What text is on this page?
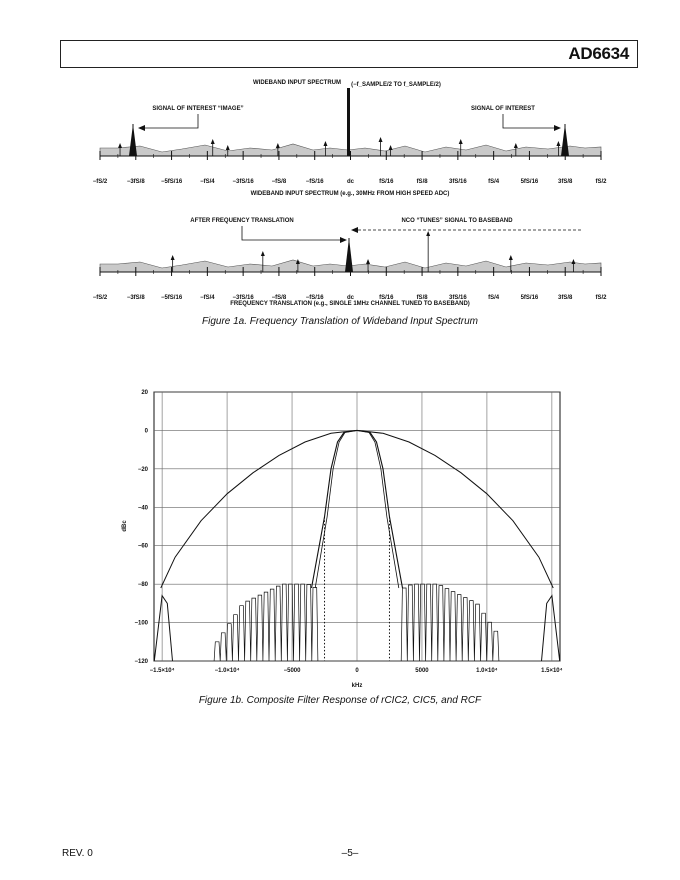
AD6634
WIDEBAND INPUT SPECTRUM (−f_SAMPLE/2 TO f_SAMPLE/2)
SIGNAL OF INTEREST “IMAGE”	SIGNAL OF INTEREST
−fS/2	−3fS/8	−5fS/16	−fS/4	−3fS/16	−fS/8	−fS/16	dc	fS/16	fS/8	3fS/16	fS/4	5fS/16	3fS/8	fS/2
WIDEBAND INPUT SPECTRUM (e.g., 30MHz FROM HIGH SPEED ADC)
AFTER FREQUENCY TRANSLATION	NCO “TUNES” SIGNAL TO BASEBAND
−fS/2	−3fS/8	−5fS/16	−fS/4	−3fS/16	−fS/8	−fS/16	dc	fS/16	fS/8	3fS/16	fS/4	5fS/16	3fS/8	fS/2
FREQUENCY TRANSLATION (e.g., SINGLE 1MHz CHANNEL TUNED TO BASEBAND)
Figure 1a. Frequency Translation of Wideband Input Spectrum
20
0
−20
−40
−60
−80
−100
−120
−1.5×10⁴	−1.0×10⁴	−5000	0	5000	1.0×10⁴	1.5×10⁴
dBc
kHz
Figure 1b. Composite Filter Response of rCIC2, CIC5, and RCF
REV. 0	–5–
